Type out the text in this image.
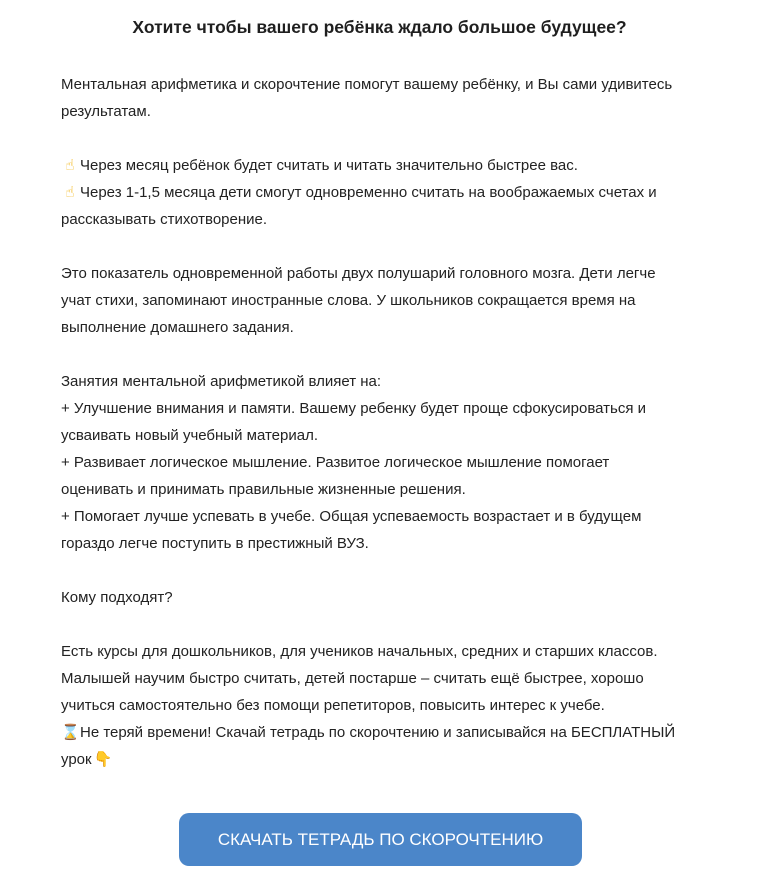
Хотите чтобы вашего ребёнка ждало большое будущее?

Ментальная арифметика и скорочтение помогут вашему ребёнку, и Вы сами удивитесь
результатам.

☝ Через месяц ребёнок будет считать и читать значительно быстрее вас.
☝ Через 1-1,5 месяца дети смогут одновременно считать на воображаемых счетах и
рассказывать стихотворение.

Это показатель одновременной работы двух полушарий головного мозга. Дети легче
учат стихи, запоминают иностранные слова. У школьников сокращается время на
выполнение домашнего задания.

Занятия ментальной арифметикой влияет на:
+ Улучшение внимания и памяти. Вашему ребенку будет проще сфокусироваться и
усваивать новый учебный материал.
+ Развивает логическое мышление. Развитое логическое мышление помогает
оценивать и принимать правильные жизненные решения.
+ Помогает лучше успевать в учебе. Общая успеваемость возрастает и в будущем
гораздо легче поступить в престижный ВУЗ.

Кому подходят?

Есть курсы для дошкольников, для учеников начальных, средних и старших классов.
Малышей научим быстро считать, детей постарше – считать ещё быстрее, хорошо
учиться самостоятельно без помощи репетиторов, повысить интерес к учебе.
⌛Не теряй времени! Скачай тетрадь по скорочтению и записывайся на БЕСПЛАТНЫЙ
урок 👇

СКАЧАТЬ ТЕТРАДЬ ПО СКОРОЧТЕНИЮ
